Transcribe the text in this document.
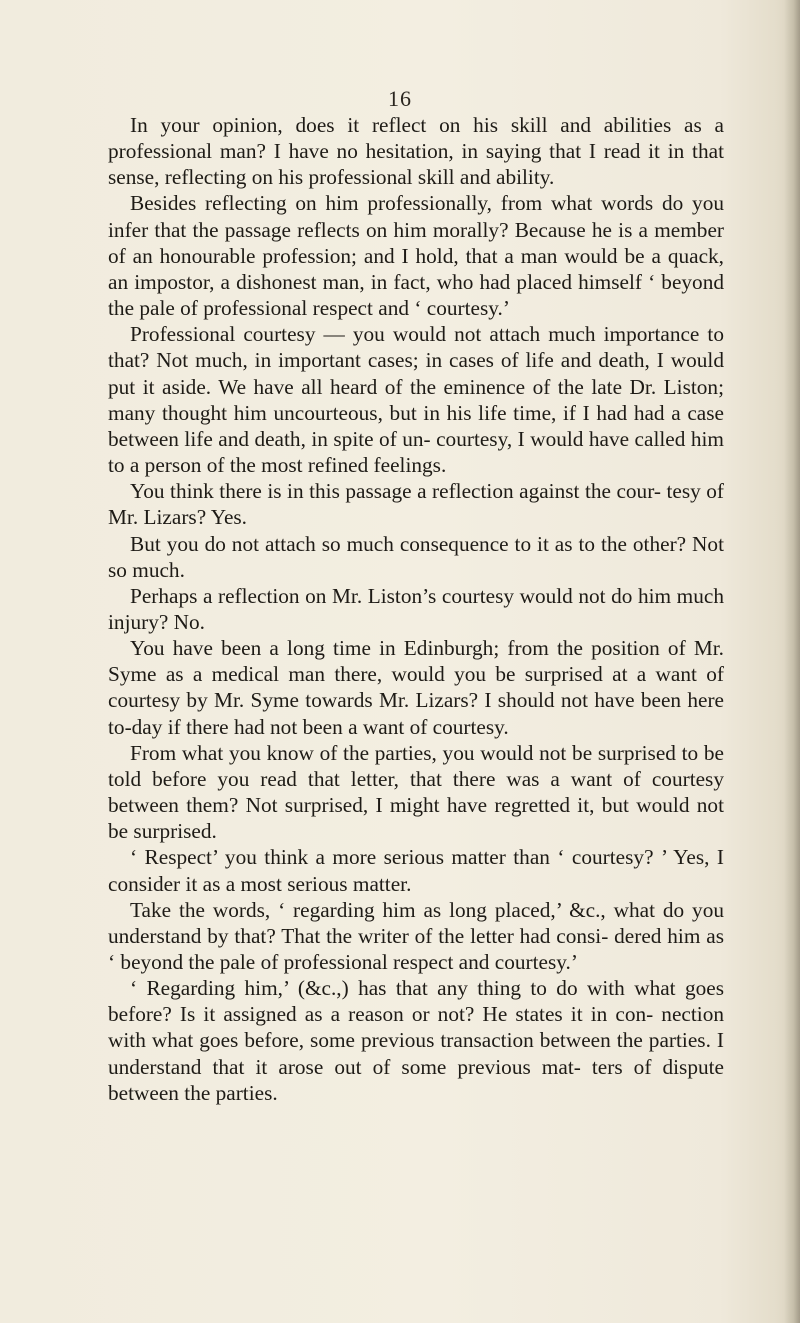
16

In your opinion, does it reflect on his skill and abilities as a professional man? I have no hesitation, in saying that I read it in that sense, reflecting on his professional skill and ability.

Besides reflecting on him professionally, from what words do you infer that the passage reflects on him morally? Because he is a member of an honourable profession; and I hold, that a man would be a quack, an impostor, a dishonest man, in fact, who had placed himself ‘ beyond the pale of professional respect and ‘ courtesy.’

Professional courtesy — you would not attach much importance to that? Not much, in important cases; in cases of life and death, I would put it aside. We have all heard of the eminence of the late Dr. Liston; many thought him uncourteous, but in his life time, if I had had a case between life and death, in spite of un- courtesy, I would have called him to a person of the most refined feelings.

You think there is in this passage a reflection against the cour- tesy of Mr. Lizars? Yes.

But you do not attach so much consequence to it as to the other? Not so much.

Perhaps a reflection on Mr. Liston’s courtesy would not do him much injury? No.

You have been a long time in Edinburgh; from the position of Mr. Syme as a medical man there, would you be surprised at a want of courtesy by Mr. Syme towards Mr. Lizars? I should not have been here to-day if there had not been a want of courtesy.

From what you know of the parties, you would not be surprised to be told before you read that letter, that there was a want of courtesy between them? Not surprised, I might have regretted it, but would not be surprised.

‘ Respect’ you think a more serious matter than ‘ courtesy? ’ Yes, I consider it as a most serious matter.

Take the words, ‘ regarding him as long placed,’ &c., what do you understand by that? That the writer of the letter had consi- dered him as ‘ beyond the pale of professional respect and courtesy.’

‘ Regarding him,’ (&c.,) has that any thing to do with what goes before? Is it assigned as a reason or not? He states it in con- nection with what goes before, some previous transaction between the parties. I understand that it arose out of some previous mat- ters of dispute between the parties.
